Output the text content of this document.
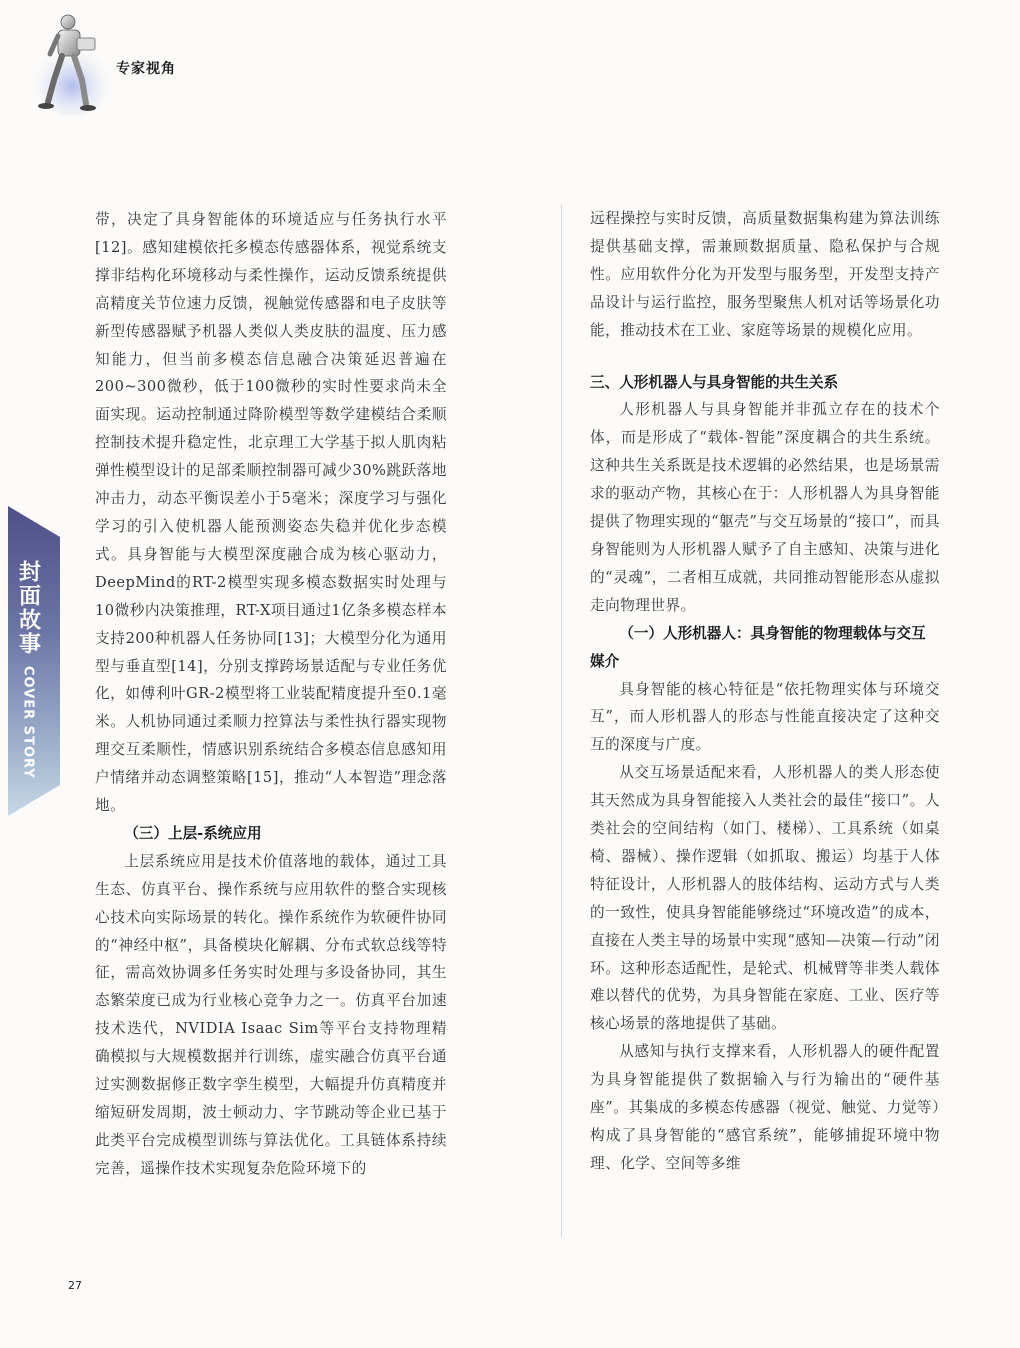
专家视角
封面故事
COVER STORY

带，决定了具身智能体的环境适应与任务执行水平[12]。感知建模依托多模态传感器体系，视觉系统支撑非结构化环境移动与柔性操作，运动反馈系统提供高精度关节位速力反馈，视触觉传感器和电子皮肤等新型传感器赋予机器人类似人类皮肤的温度、压力感知能力，但当前多模态信息融合决策延迟普遍在200~300微秒，低于100微秒的实时性要求尚未全面实现。运动控制通过降阶模型等数学建模结合柔顺控制技术提升稳定性，北京理工大学基于拟人肌肉粘弹性模型设计的足部柔顺控制器可减少30%跳跃落地冲击力，动态平衡误差小于5毫米；深度学习与强化学习的引入使机器人能预测姿态失稳并优化步态模式。具身智能与大模型深度融合成为核心驱动力，DeepMind的RT-2模型实现多模态数据实时处理与10微秒内决策推理，RT-X项目通过1亿条多模态样本支持200种机器人任务协同[13]；大模型分化为通用型与垂直型[14]，分别支撑跨场景适配与专业任务优化，如傅利叶GR-2模型将工业装配精度提升至0.1毫米。人机协同通过柔顺力控算法与柔性执行器实现物理交互柔顺性，情感识别系统结合多模态信息感知用户情绪并动态调整策略[15]，推动“人本智造”理念落地。

（三）上层-系统应用

上层系统应用是技术价值落地的载体，通过工具生态、仿真平台、操作系统与应用软件的整合实现核心技术向实际场景的转化。操作系统作为软硬件协同的“神经中枢”，具备模块化解耦、分布式软总线等特征，需高效协调多任务实时处理与多设备协同，其生态繁荣度已成为行业核心竞争力之一。仿真平台加速技术迭代，NVIDIA Isaac Sim等平台支持物理精确模拟与大规模数据并行训练，虚实融合仿真平台通过实测数据修正数字孪生模型，大幅提升仿真精度并缩短研发周期，波士顿动力、字节跳动等企业已基于此类平台完成模型训练与算法优化。工具链体系持续完善，遥操作技术实现复杂危险环境下的

远程操控与实时反馈，高质量数据集构建为算法训练提供基础支撑，需兼顾数据质量、隐私保护与合规性。应用软件分化为开发型与服务型，开发型支持产品设计与运行监控，服务型聚焦人机对话等场景化功能，推动技术在工业、家庭等场景的规模化应用。

三、人形机器人与具身智能的共生关系

人形机器人与具身智能并非孤立存在的技术个体，而是形成了“载体-智能”深度耦合的共生系统。这种共生关系既是技术逻辑的必然结果，也是场景需求的驱动产物，其核心在于：人形机器人为具身智能提供了物理实现的“躯壳”与交互场景的“接口”，而具身智能则为人形机器人赋予了自主感知、决策与进化的“灵魂”，二者相互成就，共同推动智能形态从虚拟走向物理世界。

（一）人形机器人：具身智能的物理载体与交互媒介

具身智能的核心特征是“依托物理实体与环境交互”，而人形机器人的形态与性能直接决定了这种交互的深度与广度。

从交互场景适配来看，人形机器人的类人形态使其天然成为具身智能接入人类社会的最佳“接口”。人类社会的空间结构（如门、楼梯）、工具系统（如桌椅、器械）、操作逻辑（如抓取、搬运）均基于人体特征设计，人形机器人的肢体结构、运动方式与人类的一致性，使具身智能能够绕过“环境改造”的成本，直接在人类主导的场景中实现“感知—决策—行动”闭环。这种形态适配性，是轮式、机械臂等非类人载体难以替代的优势，为具身智能在家庭、工业、医疗等核心场景的落地提供了基础。

从感知与执行支撑来看，人形机器人的硬件配置为具身智能提供了数据输入与行为输出的“硬件基座”。其集成的多模态传感器（视觉、触觉、力觉等）构成了具身智能的“感官系统”，能够捕捉环境中物理、化学、空间等多维

27
